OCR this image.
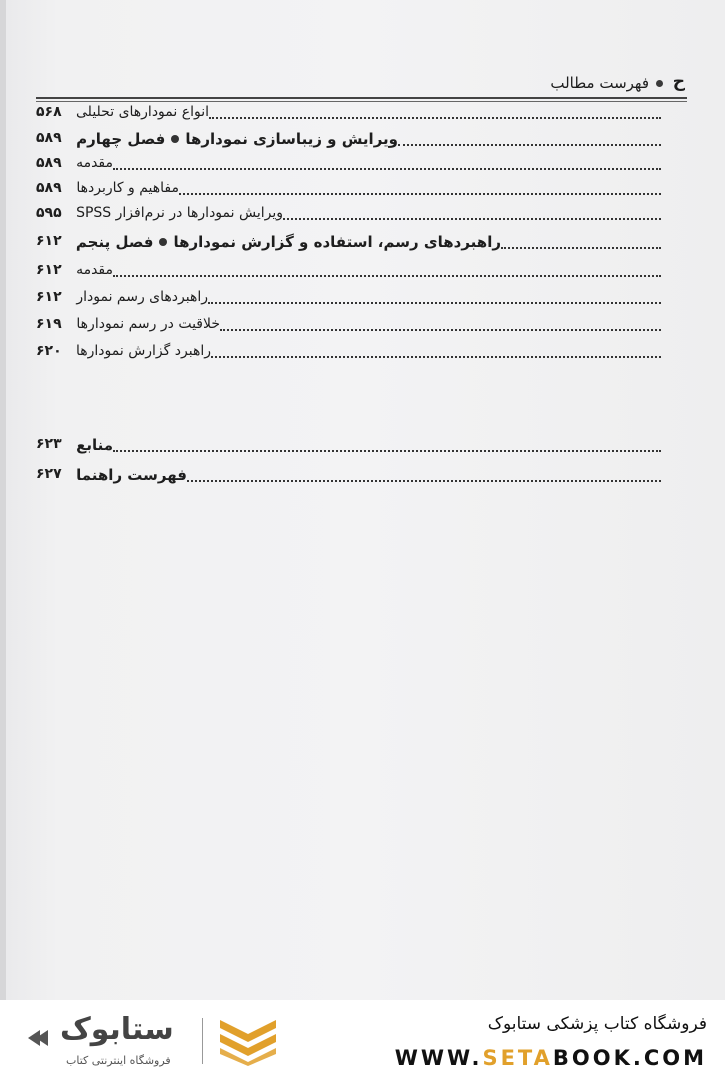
ح
فهرست مطالب
۵۶۸ انواع نمودارهای تحلیلی
۵۸۹ فصل چهارم ویرایش و زیباسازی نمودارها
۵۸۹ مقدمه
۵۸۹ مفاهیم و کاربردها
۵۹۵ ویرایش نمودارها در نرم‌افزار SPSS
۶۱۲ فصل پنجم راهبردهای رسم، استفاده و گزارش نمودارها
۶۱۲ مقدمه
۶۱۲ راهبردهای رسم نمودار
۶۱۹ خلاقیت در رسم نمودارها
۶۲۰ راهبرد گزارش نمودارها
۶۲۳ منابع
۶۲۷ فهرست راهنما
ستابوک
فروشگاه اینترنتی کتاب
فروشگاه کتاب پزشکی ستابوک
WWW.SETABOOK.COM
